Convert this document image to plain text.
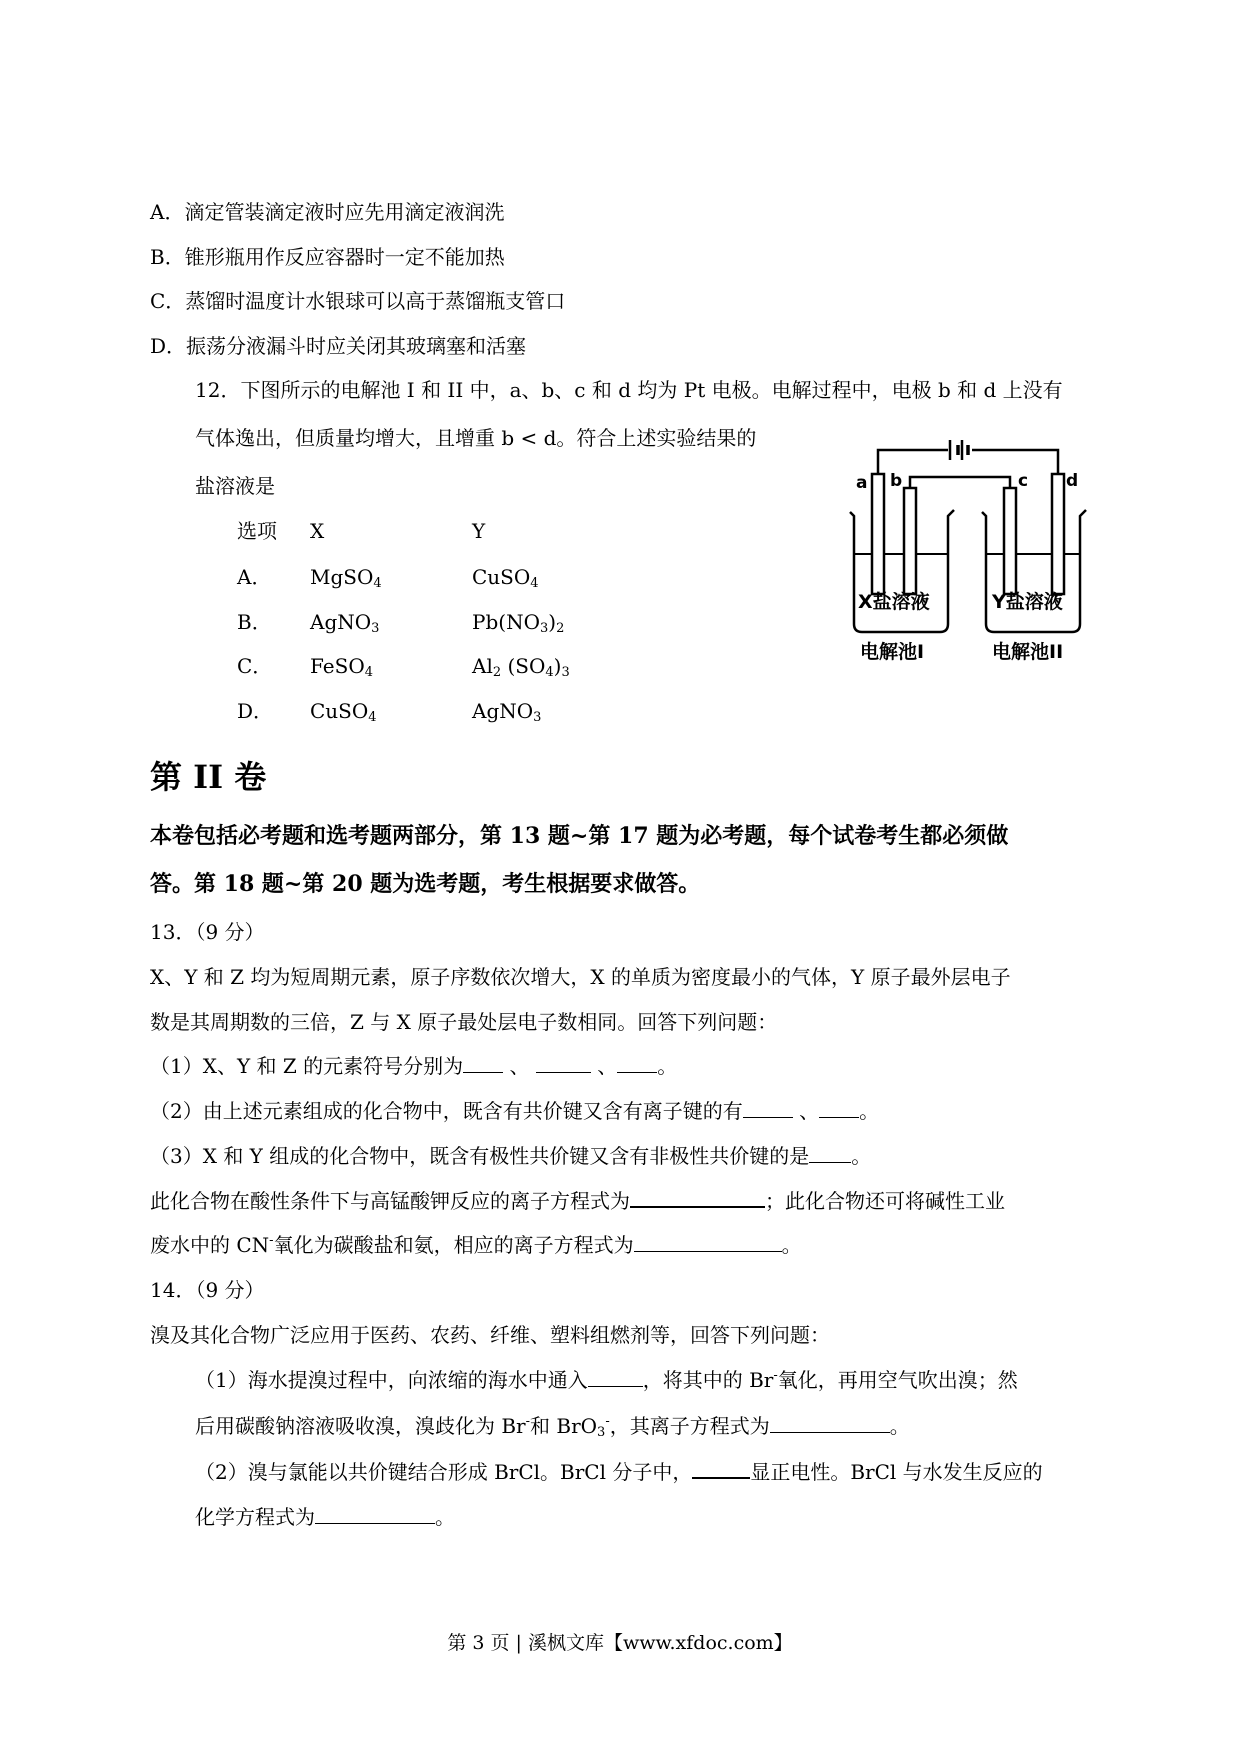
A．滴定管装滴定液时应先用滴定液润洗
B．锥形瓶用作反应容器时一定不能加热
C．蒸馏时温度计水银球可以高于蒸馏瓶支管口
D．振荡分液漏斗时应关闭其玻璃塞和活塞
12．下图所示的电解池 I 和 II 中，a、b、c 和 d 均为 Pt 电极。电解过程中，电极 b 和 d 上没有
气体逸出，但质量均增大，且增重 b < d。符合上述实验结果的
盐溶液是
选项 X	Y
A． MgSO$_4$	CuSO$_4$
B． AgNO$_3$	$Pb(NO_3)_2$
C． FeSO$_4$	$Al_2$ $(SO_4)_3$
D． CuSO$_4$	AgNO$_3$
a b	c d
X盐溶液	Y盐溶液
电解池I	电解池II
第 II 卷
本卷包括必考题和选考题两部分，第 13 题~第 17 题为必考题，每个试卷考生都必须做
答。第 18 题~第 20 题为选考题，考生根据要求做答。
13．（9 分）
X、Y 和 Z 均为短周期元素，原子序数依次增大，X 的单质为密度最小的气体，Y 原子最外层电子
数是其周期数的三倍，Z 与 X 原子最处层电子数相同。回答下列问题：
（1）X、Y 和 Z 的元素符号分别为 、	、 。
（2）由上述元素组成的化合物中，既含有共价键又含有离子键的有	、 。
（3）X 和 Y 组成的化合物中，既含有极性共价键又含有非极性共价键的是 。
此化合物在酸性条件下与高锰酸钾反应的离子方程式为	；此化合物还可将碱性工业
废水中的 CN-氧化为碳酸盐和氨，相应的离子方程式为	。
14．（9 分）
溴及其化合物广泛应用于医药、农药、纤维、塑料组燃剂等，回答下列问题：
（1）海水提溴过程中，向浓缩的海水中通入	，将其中的 Br-氧化，再用空气吹出溴；然
后用碳酸钠溶液吸收溴，溴歧化为 Br-和 BrO$_3$-，其离子方程式为	。
（2）溴与氯能以共价键结合形成 BrCl。BrCl 分子中，	显正电性。BrCl 与水发生反应的
化学方程式为	。
第 3 页 | 溪枫文库【www.xfdoc.com】
